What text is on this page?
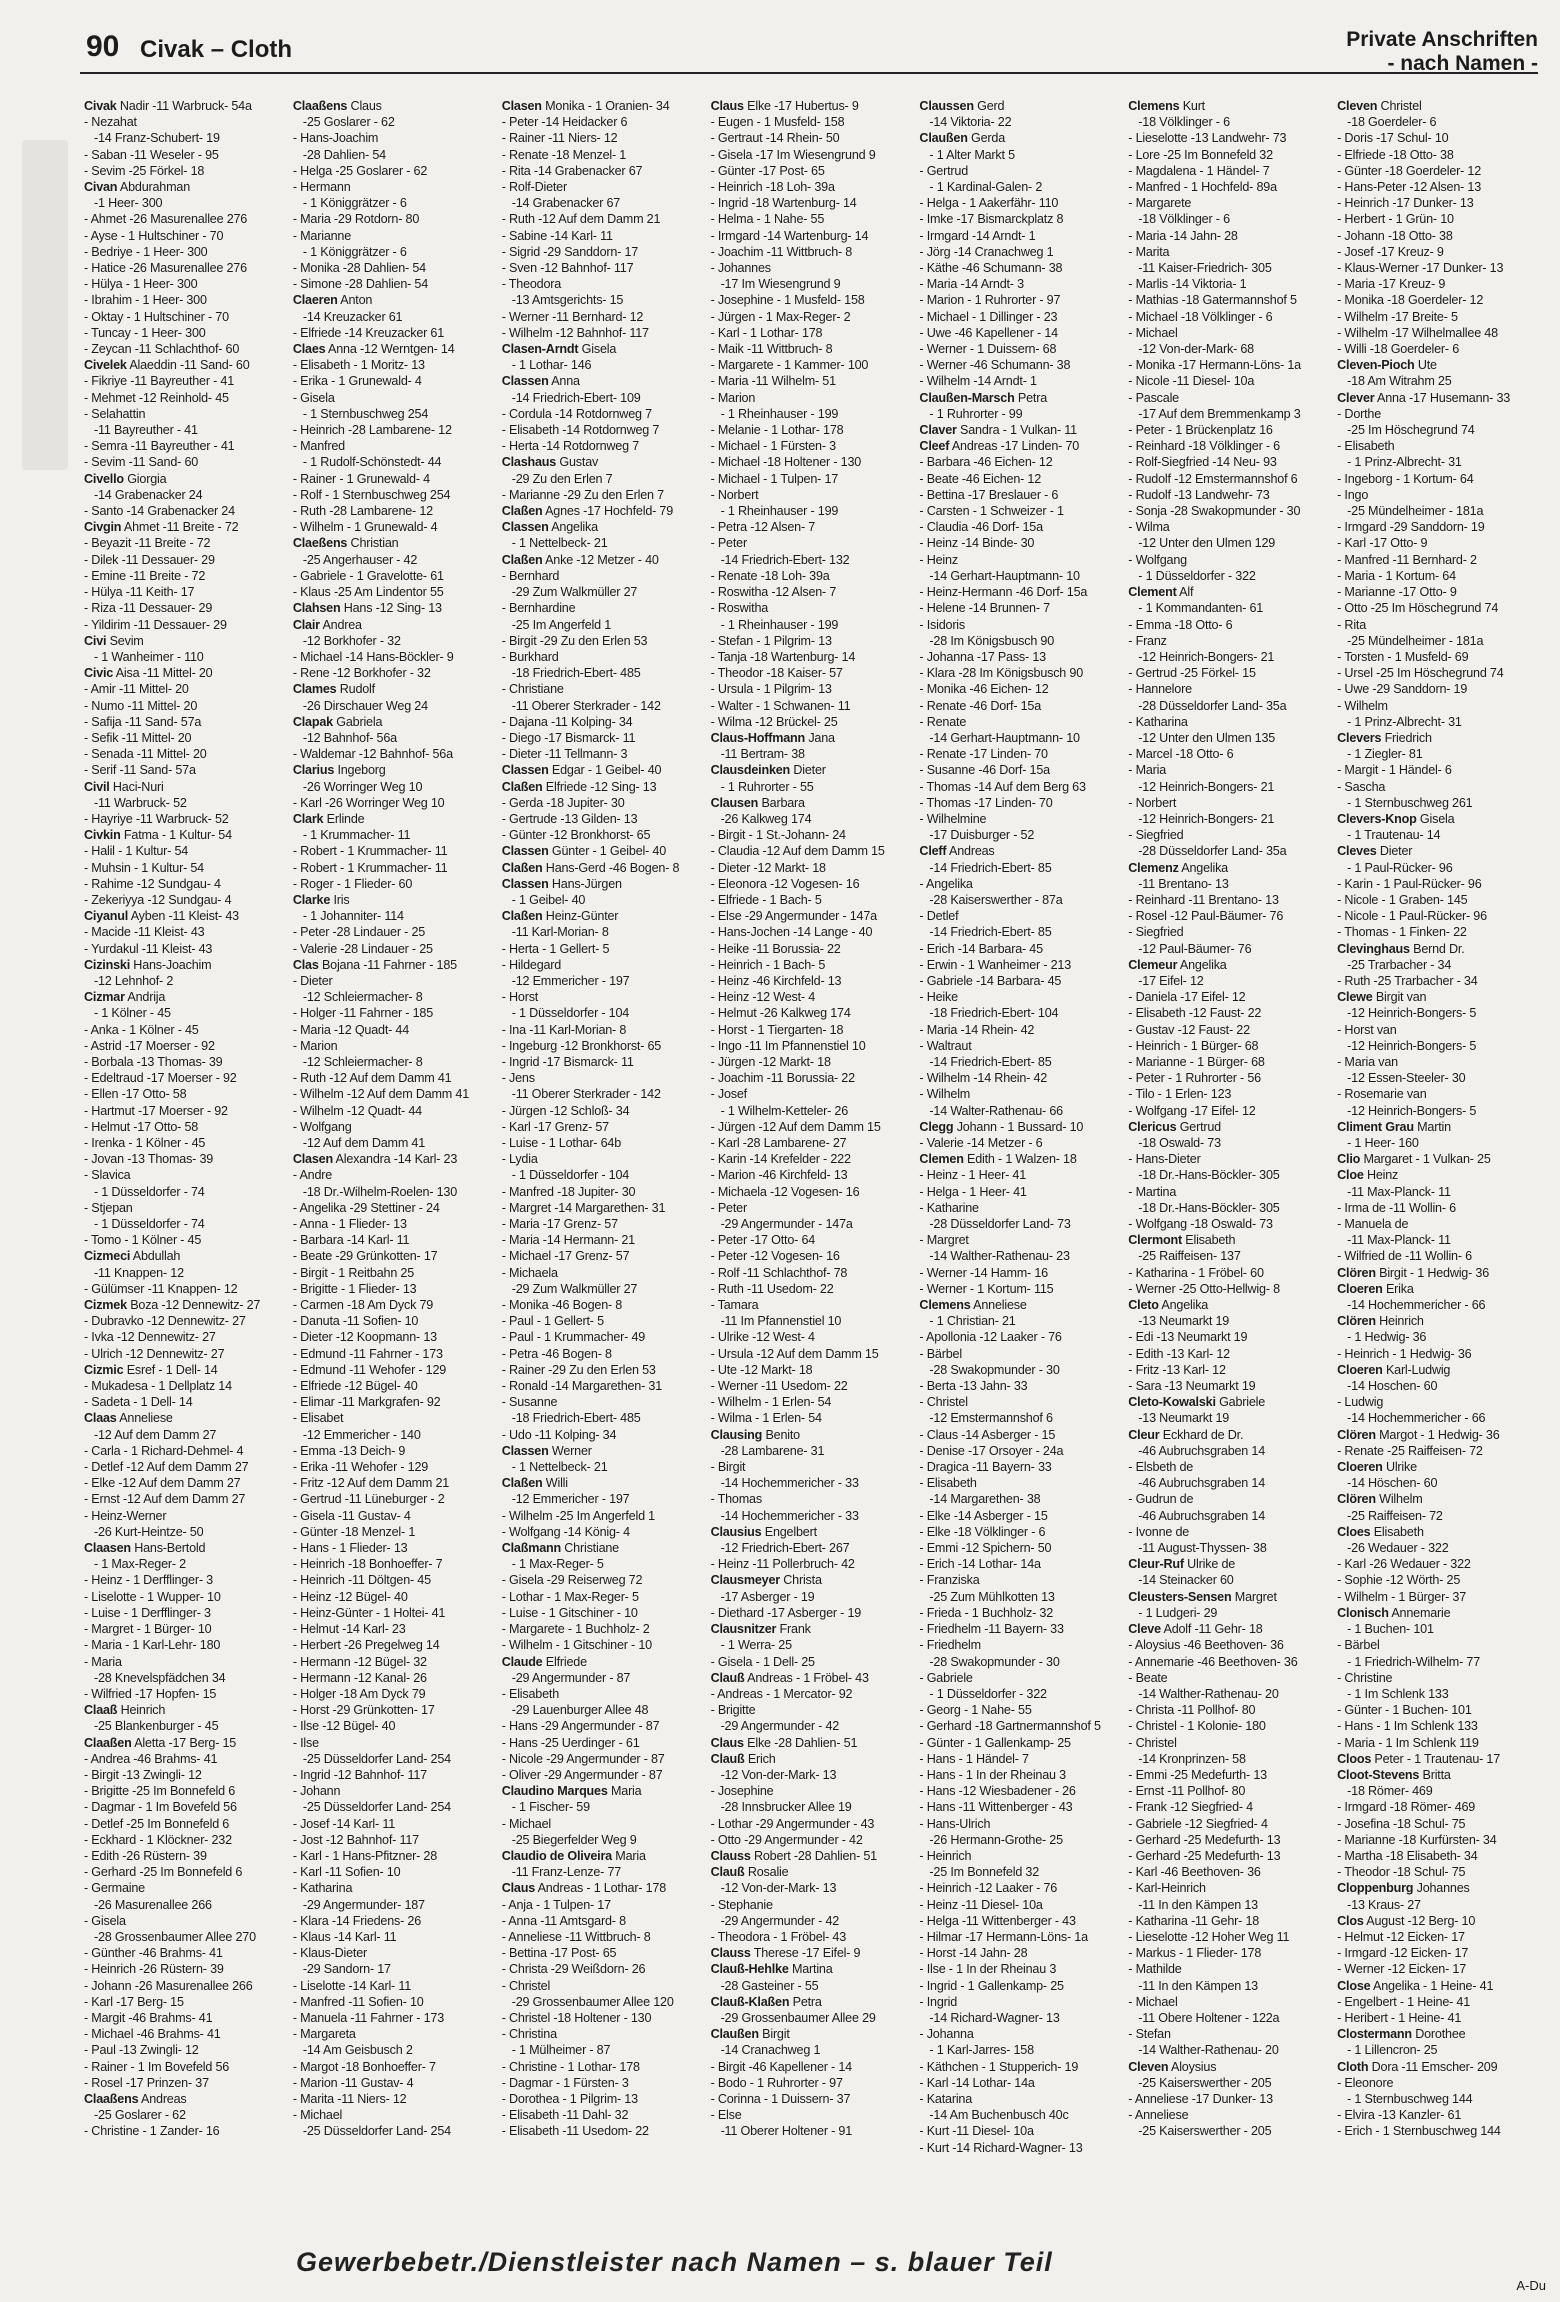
90 Civak – Cloth	Private Anschriften
- nach Namen -
Civak Nadir -11 Warbruck- 54a
- Nezahat
-14 Franz-Schubert- 19
- Saban -11 Weseler - 95
- Sevim -25 Förkel- 18
Civan Abdurahman
-1 Heer- 300
- Ahmet -26 Masurenallee 276
- Ayse - 1 Hultschiner - 70
- Bedriye - 1 Heer- 300
- Hatice -26 Masurenallee 276
- Hülya - 1 Heer- 300
- Ibrahim - 1 Heer- 300
- Oktay - 1 Hultschiner - 70
- Tuncay - 1 Heer- 300
- Zeycan -11 Schlachthof- 60
Civelek Alaeddin -11 Sand- 60
- Fikriye -11 Bayreuther - 41
- Mehmet -12 Reinhold- 45
- Selahattin
-11 Bayreuther - 41
- Semra -11 Bayreuther - 41
- Sevim -11 Sand- 60
Civello Giorgia
-14 Grabenacker 24
- Santo -14 Grabenacker 24
Civgin Ahmet -11 Breite - 72
- Beyazit -11 Breite - 72
- Dilek -11 Dessauer- 29
- Emine -11 Breite - 72
- Hülya -11 Keith- 17
- Riza -11 Dessauer- 29
- Yildirim -11 Dessauer- 29
Civi Sevim
- 1 Wanheimer - 110
Civic Aisa -11 Mittel- 20
- Amir -11 Mittel- 20
- Numo -11 Mittel- 20
- Safija -11 Sand- 57a
- Sefik -11 Mittel- 20
- Senada -11 Mittel- 20
- Serif -11 Sand- 57a
Civil Haci-Nuri
-11 Warbruck- 52
- Hayriye -11 Warbruck- 52
Civkin Fatma - 1 Kultur- 54
- Halil - 1 Kultur- 54
- Muhsin - 1 Kultur- 54
- Rahime -12 Sundgau- 4
- Zekeriyya -12 Sundgau- 4
Ciyanul Ayben -11 Kleist- 43
- Macide -11 Kleist- 43
- Yurdakul -11 Kleist- 43
Cizinski Hans-Joachim
-12 Lehnhof- 2
Cizmar Andrija
- 1 Kölner - 45
- Anka - 1 Kölner - 45
- Astrid -17 Moerser - 92
- Borbala -13 Thomas- 39
- Edeltraud -17 Moerser - 92
- Ellen -17 Otto- 58
- Hartmut -17 Moerser - 92
- Helmut -17 Otto- 58
- Irenka - 1 Kölner - 45
- Jovan -13 Thomas- 39
- Slavica
- 1 Düsseldorfer - 74
- Stjepan
- 1 Düsseldorfer - 74
- Tomo - 1 Kölner - 45
Cizmeci Abdullah
-11 Knappen- 12
- Gülümser -11 Knappen- 12
Cizmek Boza -12 Dennewitz- 27
- Dubravko -12 Dennewitz- 27
- Ivka -12 Dennewitz- 27
- Ulrich -12 Dennewitz- 27
Cizmic Esref - 1 Dell- 14
- Mukadesa - 1 Dellplatz 14
- Sadeta - 1 Dell- 14
Claas Anneliese
-12 Auf dem Damm 27
- Carla - 1 Richard-Dehmel- 4
- Detlef -12 Auf dem Damm 27
- Elke -12 Auf dem Damm 27
- Ernst -12 Auf dem Damm 27
- Heinz-Werner
-26 Kurt-Heintze- 50
Claasen Hans-Bertold
- 1 Max-Reger- 2
- Heinz - 1 Derfflinger- 3
- Liselotte - 1 Wupper- 10
- Luise - 1 Derfflinger- 3
- Margret - 1 Bürger- 10
- Maria - 1 Karl-Lehr- 180
- Maria
-28 Knevelspfädchen 34
- Wilfried -17 Hopfen- 15
Claaß Heinrich
-25 Blankenburger - 45
Claaßen Aletta -17 Berg- 15
- Andrea -46 Brahms- 41
- Birgit -13 Zwingli- 12
- Brigitte -25 Im Bonnefeld 6
- Dagmar - 1 Im Bovefeld 56
- Detlef -25 Im Bonnefeld 6
- Eckhard - 1 Klöckner- 232
- Edith -26 Rüstern- 39
- Gerhard -25 Im Bonnefeld 6
- Germaine
-26 Masurenallee 266
- Gisela
-28 Grossenbaumer Allee 270
- Günther -46 Brahms- 41
- Heinrich -26 Rüstern- 39
- Johann -26 Masurenallee 266
- Karl -17 Berg- 15
- Margit -46 Brahms- 41
- Michael -46 Brahms- 41
- Paul -13 Zwingli- 12
- Rainer - 1 Im Bovefeld 56
- Rosel -17 Prinzen- 37
Claaßens Andreas
-25 Goslarer - 62
- Christine - 1 Zander- 16
Claaßens Claus
-25 Goslarer - 62
- Hans-Joachim
-28 Dahlien- 54
- Helga -25 Goslarer - 62
- Hermann
- 1 Königgrätzer - 6
- Maria -29 Rotdorn- 80
- Marianne
- 1 Königgrätzer - 6
- Monika -28 Dahlien- 54
- Simone -28 Dahlien- 54
Claeren Anton
-14 Kreuzacker 61
- Elfriede -14 Kreuzacker 61
Claes Anna -12 Werntgen- 14
- Elisabeth - 1 Moritz- 13
- Erika - 1 Grunewald- 4
- Gisela
- 1 Sternbuschweg 254
- Heinrich -28 Lambarene- 12
- Manfred
- 1 Rudolf-Schönstedt- 44
- Rainer - 1 Grunewald- 4
- Rolf - 1 Sternbuschweg 254
- Ruth -28 Lambarene- 12
- Wilhelm - 1 Grunewald- 4
Claeßens Christian
-25 Angerhauser - 42
- Gabriele - 1 Gravelotte- 61
- Klaus -25 Am Lindentor 55
Clahsen Hans -12 Sing- 13
Clair Andrea
-12 Borkhofer - 32
- Michael -14 Hans-Böckler- 9
- Rene -12 Borkhofer - 32
Clames Rudolf
-26 Dirschauer Weg 24
Clapak Gabriela
-12 Bahnhof- 56a
- Waldemar -12 Bahnhof- 56a
Clarius Ingeborg
-26 Worringer Weg 10
- Karl -26 Worringer Weg 10
Clark Erlinde
- 1 Krummacher- 11
- Robert - 1 Krummacher- 11
- Robert - 1 Krummacher- 11
- Roger - 1 Flieder- 60
Clarke Iris
- 1 Johanniter- 114
- Peter -28 Lindauer - 25
- Valerie -28 Lindauer - 25
Clas Bojana -11 Fahrner - 185
- Dieter
-12 Schleiermacher- 8
- Holger -11 Fahrner - 185
- Maria -12 Quadt- 44
- Marion
-12 Schleiermacher- 8
- Ruth -12 Auf dem Damm 41
- Wilhelm -12 Auf dem Damm 41
- Wilhelm -12 Quadt- 44
- Wolfgang
-12 Auf dem Damm 41
Clasen Alexandra -14 Karl- 23
- Andre
-18 Dr.-Wilhelm-Roelen- 130
- Angelika -29 Stettiner - 24
- Anna - 1 Flieder- 13
- Barbara -14 Karl- 11
- Beate -29 Grünkotten- 17
- Birgit - 1 Reitbahn 25
- Brigitte - 1 Flieder- 13
- Carmen -18 Am Dyck 79
- Danuta -11 Sofien- 10
- Dieter -12 Koopmann- 13
- Edmund -11 Fahrner - 173
- Edmund -11 Wehofer - 129
- Elfriede -12 Bügel- 40
- Elimar -11 Markgrafen- 92
- Elisabet
-12 Emmericher - 140
- Emma -13 Deich- 9
- Erika -11 Wehofer - 129
- Fritz -12 Auf dem Damm 21
- Gertrud -11 Lüneburger - 2
- Gisela -11 Gustav- 4
- Günter -18 Menzel- 1
- Hans - 1 Flieder- 13
- Heinrich -18 Bonhoeffer- 7
- Heinrich -11 Döltgen- 45
- Heinz -12 Bügel- 40
- Heinz-Günter - 1 Holtei- 41
- Helmut -14 Karl- 23
- Herbert -26 Pregelweg 14
- Hermann -12 Bügel- 32
- Hermann -12 Kanal- 26
- Holger -18 Am Dyck 79
- Horst -29 Grünkotten- 17
- Ilse -12 Bügel- 40
- Ilse
-25 Düsseldorfer Land- 254
- Ingrid -12 Bahnhof- 117
- Johann
-25 Düsseldorfer Land- 254
- Josef -14 Karl- 11
- Jost -12 Bahnhof- 117
- Karl - 1 Hans-Pfitzner- 28
- Karl -11 Sofien- 10
- Katharina
-29 Angermunder- 187
- Klara -14 Friedens- 26
- Klaus -14 Karl- 11
- Klaus-Dieter
-29 Sandorn- 17
- Liselotte -14 Karl- 11
- Manfred -11 Sofien- 10
- Manuela -11 Fahrner - 173
- Margareta
-14 Am Geisbusch 2
- Margot -18 Bonhoeffer- 7
- Marion -11 Gustav- 4
- Marita -11 Niers- 12
- Michael
-25 Düsseldorfer Land- 254
Clasen Monika - 1 Oranien- 34
- Peter -14 Heidacker 6
- Rainer -11 Niers- 12
- Renate -18 Menzel- 1
- Rita -14 Grabenacker 67
- Rolf-Dieter
-14 Grabenacker 67
- Ruth -12 Auf dem Damm 21
- Sabine -14 Karl- 11
- Sigrid -29 Sanddorn- 17
- Sven -12 Bahnhof- 117
- Theodora
-13 Amtsgerichts- 15
- Werner -11 Bernhard- 12
- Wilhelm -12 Bahnhof- 117
Clasen-Arndt Gisela
- 1 Lothar- 146
Classen Anna
-14 Friedrich-Ebert- 109
- Cordula -14 Rotdornweg 7
- Elisabeth -14 Rotdornweg 7
- Herta -14 Rotdornweg 7
Clashaus Gustav
-29 Zu den Erlen 7
- Marianne -29 Zu den Erlen 7
Claßen Agnes -17 Hochfeld- 79
Classen Angelika
- 1 Nettelbeck- 21
Claßen Anke -12 Metzer - 40
- Bernhard
-29 Zum Walkmüller 27
- Bernhardine
-25 Im Angerfeld 1
- Birgit -29 Zu den Erlen 53
- Burkhard
-18 Friedrich-Ebert- 485
- Christiane
-11 Oberer Sterkrader - 142
- Dajana -11 Kolping- 34
- Diego -17 Bismarck- 11
- Dieter -11 Tellmann- 3
Classen Edgar - 1 Geibel- 40
Claßen Elfriede -12 Sing- 13
- Gerda -18 Jupiter- 30
- Gertrude -13 Gilden- 13
- Günter -12 Bronkhorst- 65
Classen Günter - 1 Geibel- 40
Claßen Hans-Gerd -46 Bogen- 8
Classen Hans-Jürgen
- 1 Geibel- 40
Claßen Heinz-Günter
-11 Karl-Morian- 8
- Herta - 1 Gellert- 5
- Hildegard
-12 Emmericher - 197
- Horst
- 1 Düsseldorfer - 104
- Ina -11 Karl-Morian- 8
- Ingeburg -12 Bronkhorst- 65
- Ingrid -17 Bismarck- 11
- Jens
-11 Oberer Sterkrader - 142
- Jürgen -12 Schloß- 34
- Karl -17 Grenz- 57
- Luise - 1 Lothar- 64b
- Lydia
- 1 Düsseldorfer - 104
- Manfred -18 Jupiter- 30
- Margret -14 Margarethen- 31
- Maria -17 Grenz- 57
- Maria -14 Hermann- 21
- Michael -17 Grenz- 57
- Michaela
-29 Zum Walkmüller 27
- Monika -46 Bogen- 8
- Paul - 1 Gellert- 5
- Paul - 1 Krummacher- 49
- Petra -46 Bogen- 8
- Rainer -29 Zu den Erlen 53
- Ronald -14 Margarethen- 31
- Susanne
-18 Friedrich-Ebert- 485
- Udo -11 Kolping- 34
Classen Werner
- 1 Nettelbeck- 21
Claßen Willi
-12 Emmericher - 197
- Wilhelm -25 Im Angerfeld 1
- Wolfgang -14 König- 4
Claßmann Christiane
- 1 Max-Reger- 5
- Gisela -29 Reiserweg 72
- Lothar - 1 Max-Reger- 5
- Luise - 1 Gitschiner - 10
- Margarete - 1 Buchholz- 2
- Wilhelm - 1 Gitschiner - 10
Claude Elfriede
-29 Angermunder - 87
- Elisabeth
-29 Lauenburger Allee 48
- Hans -29 Angermunder - 87
- Hans -25 Uerdinger - 61
- Nicole -29 Angermunder - 87
- Oliver -29 Angermunder - 87
Claudino Marques Maria
- 1 Fischer- 59
- Michael
-25 Biegerfelder Weg 9
Claudio de Oliveira Maria
-11 Franz-Lenze- 77
Claus Andreas - 1 Lothar- 178
- Anja - 1 Tulpen- 17
- Anna -11 Amtsgard- 8
- Anneliese -11 Wittbruch- 8
- Bettina -17 Post- 65
- Christa -29 Weißdorn- 26
- Christel
-29 Grossenbaumer Allee 120
- Christel -18 Holtener - 130
- Christina
- 1 Mülheimer - 87
- Christine - 1 Lothar- 178
- Dagmar - 1 Fürsten- 3
- Dorothea - 1 Pilgrim- 13
- Elisabeth -11 Dahl- 32
- Elisabeth -11 Usedom- 22
Claus Elke -17 Hubertus- 9
- Eugen - 1 Musfeld- 158
- Gertraut -14 Rhein- 50
- Gisela -17 Im Wiesengrund 9
- Günter -17 Post- 65
- Heinrich -18 Loh- 39a
- Ingrid -18 Wartenburg- 14
- Helma - 1 Nahe- 55
- Irmgard -14 Wartenburg- 14
- Joachim -11 Wittbruch- 8
- Johannes
-17 Im Wiesengrund 9
- Josephine - 1 Musfeld- 158
- Jürgen - 1 Max-Reger- 2
- Karl - 1 Lothar- 178
- Maik -11 Wittbruch- 8
- Margarete - 1 Kammer- 100
- Maria -11 Wilhelm- 51
- Marion
- 1 Rheinhauser - 199
- Melanie - 1 Lothar- 178
- Michael - 1 Fürsten- 3
- Michael -18 Holtener - 130
- Michael - 1 Tulpen- 17
- Norbert
- 1 Rheinhauser - 199
- Petra -12 Alsen- 7
- Peter
-14 Friedrich-Ebert- 132
- Renate -18 Loh- 39a
- Roswitha -12 Alsen- 7
- Roswitha
- 1 Rheinhauser - 199
- Stefan - 1 Pilgrim- 13
- Tanja -18 Wartenburg- 14
- Theodor -18 Kaiser- 57
- Ursula - 1 Pilgrim- 13
- Walter - 1 Schwanen- 11
- Wilma -12 Brückel- 25
Claus-Hoffmann Jana
-11 Bertram- 38
Clausdeinken Dieter
- 1 Ruhrorter - 55
Clausen Barbara
-26 Kalkweg 174
- Birgit - 1 St.-Johann- 24
- Claudia -12 Auf dem Damm 15
- Dieter -12 Markt- 18
- Eleonora -12 Vogesen- 16
- Elfriede - 1 Bach- 5
- Else -29 Angermunder - 147a
- Hans-Jochen -14 Lange - 40
- Heike -11 Borussia- 22
- Heinrich - 1 Bach- 5
- Heinz -46 Kirchfeld- 13
- Heinz -12 West- 4
- Helmut -26 Kalkweg 174
- Horst - 1 Tiergarten- 18
- Ingo -11 Im Pfannenstiel 10
- Jürgen -12 Markt- 18
- Joachim -11 Borussia- 22
- Josef
- 1 Wilhelm-Ketteler- 26
- Jürgen -12 Auf dem Damm 15
- Karl -28 Lambarene- 27
- Karin -14 Krefelder - 222
- Marion -46 Kirchfeld- 13
- Michaela -12 Vogesen- 16
- Peter
-29 Angermunder - 147a
- Peter -17 Otto- 64
- Peter -12 Vogesen- 16
- Rolf -11 Schlachthof- 78
- Ruth -11 Usedom- 22
- Tamara
-11 Im Pfannenstiel 10
- Ulrike -12 West- 4
- Ursula -12 Auf dem Damm 15
- Ute -12 Markt- 18
- Werner -11 Usedom- 22
- Wilhelm - 1 Erlen- 54
- Wilma - 1 Erlen- 54
Clausing Benito
-28 Lambarene- 31
- Birgit
-14 Hochemmericher - 33
- Thomas
-14 Hochemmericher - 33
Clausius Engelbert
-12 Friedrich-Ebert- 267
- Heinz -11 Pollerbruch- 42
Clausmeyer Christa
-17 Asberger - 19
- Diethard -17 Asberger - 19
Clausnitzer Frank
- 1 Werra- 25
- Gisela - 1 Dell- 25
Clauß Andreas - 1 Fröbel- 43
- Andreas - 1 Mercator- 92
- Brigitte
-29 Angermunder - 42
Claus Elke -28 Dahlien- 51
Clauß Erich
-12 Von-der-Mark- 13
- Josephine
-28 Innsbrucker Allee 19
- Lothar -29 Angermunder - 43
- Otto -29 Angermunder - 42
Clauss Robert -28 Dahlien- 51
Clauß Rosalie
-12 Von-der-Mark- 13
- Stephanie
-29 Angermunder - 42
- Theodora - 1 Fröbel- 43
Clauss Therese -17 Eifel- 9
Clauß-Hehlke Martina
-28 Gasteiner - 55
Clauß-Klaßen Petra
-29 Grossenbaumer Allee 29
Claußen Birgit
-14 Cranachweg 1
- Birgit -46 Kapellener - 14
- Bodo - 1 Ruhrorter - 97
- Corinna - 1 Duissern- 37
- Else
-11 Oberer Holtener - 91
Claussen Gerd
-14 Viktoria- 22
Claußen Gerda
- 1 Alter Markt 5
- Gertrud
- 1 Kardinal-Galen- 2
- Helga - 1 Aakerfähr- 110
- Imke -17 Bismarckplatz 8
- Irmgard -14 Arndt- 1
- Jörg -14 Cranachweg 1
- Käthe -46 Schumann- 38
- Maria -14 Arndt- 3
- Marion - 1 Ruhrorter - 97
- Michael - 1 Dillinger - 23
- Uwe -46 Kapellener - 14
- Werner - 1 Duissern- 68
- Werner -46 Schumann- 38
- Wilhelm -14 Arndt- 1
Claußen-Marsch Petra
- 1 Ruhrorter - 99
Claver Sandra - 1 Vulkan- 11
Cleef Andreas -17 Linden- 70
- Barbara -46 Eichen- 12
- Beate -46 Eichen- 12
- Bettina -17 Breslauer - 6
- Carsten - 1 Schweizer - 1
- Claudia -46 Dorf- 15a
- Heinz -14 Binde- 30
- Heinz
-14 Gerhart-Hauptmann- 10
- Heinz-Hermann -46 Dorf- 15a
- Helene -14 Brunnen- 7
- Isidoris
-28 Im Königsbusch 90
- Johanna -17 Pass- 13
- Klara -28 Im Königsbusch 90
- Monika -46 Eichen- 12
- Renate -46 Dorf- 15a
- Renate
-14 Gerhart-Hauptmann- 10
- Renate -17 Linden- 70
- Susanne -46 Dorf- 15a
- Thomas -14 Auf dem Berg 63
- Thomas -17 Linden- 70
- Wilhelmine
-17 Duisburger - 52
Cleff Andreas
-14 Friedrich-Ebert- 85
- Angelika
-28 Kaiserswerther - 87a
- Detlef
-14 Friedrich-Ebert- 85
- Erich -14 Barbara- 45
- Erwin - 1 Wanheimer - 213
- Gabriele -14 Barbara- 45
- Heike
-18 Friedrich-Ebert- 104
- Maria -14 Rhein- 42
- Waltraut
-14 Friedrich-Ebert- 85
- Wilhelm -14 Rhein- 42
- Wilhelm
-14 Walter-Rathenau- 66
Clegg Johann - 1 Bussard- 10
- Valerie -14 Metzer - 6
Clemen Edith - 1 Walzen- 18
- Heinz - 1 Heer- 41
- Helga - 1 Heer- 41
- Katharine
-28 Düsseldorfer Land- 73
- Margret
-14 Walther-Rathenau- 23
- Werner -14 Hamm- 16
- Werner - 1 Kortum- 115
Clemens Anneliese
- 1 Christian- 21
- Apollonia -12 Laaker - 76
- Bärbel
-28 Swakopmunder - 30
- Berta -13 Jahn- 33
- Christel
-12 Emstermannshof 6
- Claus -14 Asberger - 15
- Denise -17 Orsoyer - 24a
- Dragica -11 Bayern- 33
- Elisabeth
-14 Margarethen- 38
- Elke -14 Asberger - 15
- Elke -18 Völklinger - 6
- Emmi -12 Spichern- 50
- Erich -14 Lothar- 14a
- Franziska
-25 Zum Mühlkotten 13
- Frieda - 1 Buchholz- 32
- Friedhelm -11 Bayern- 33
- Friedhelm
-28 Swakopmunder - 30
- Gabriele
- 1 Düsseldorfer - 322
- Georg - 1 Nahe- 55
- Gerhard -18 Gartnermannshof 5
- Günter - 1 Gallenkamp- 25
- Hans - 1 Händel- 7
- Hans - 1 In der Rheinau 3
- Hans -12 Wiesbadener - 26
- Hans -11 Wittenberger - 43
- Hans-Ulrich
-26 Hermann-Grothe- 25
- Heinrich
-25 Im Bonnefeld 32
- Heinrich -12 Laaker - 76
- Heinz -11 Diesel- 10a
- Helga -11 Wittenberger - 43
- Hilmar -17 Hermann-Löns- 1a
- Horst -14 Jahn- 28
- Ilse - 1 In der Rheinau 3
- Ingrid - 1 Gallenkamp- 25
- Ingrid
-14 Richard-Wagner- 13
- Johanna
- 1 Karl-Jarres- 158
- Käthchen - 1 Stupperich- 19
- Karl -14 Lothar- 14a
- Katarina
-14 Am Buchenbusch 40c
- Kurt -11 Diesel- 10a
- Kurt -14 Richard-Wagner- 13
Clemens Kurt
-18 Völklinger - 6
- Lieselotte -13 Landwehr- 73
- Lore -25 Im Bonnefeld 32
- Magdalena - 1 Händel- 7
- Manfred - 1 Hochfeld- 89a
- Margarete
-18 Völklinger - 6
- Maria -14 Jahn- 28
- Marita
-11 Kaiser-Friedrich- 305
- Marlis -14 Viktoria- 1
- Mathias -18 Gatermannshof 5
- Michael -18 Völklinger - 6
- Michael
-12 Von-der-Mark- 68
- Monika -17 Hermann-Löns- 1a
- Nicole -11 Diesel- 10a
- Pascale
-17 Auf dem Bremmenkamp 3
- Peter - 1 Brückenplatz 16
- Reinhard -18 Völklinger - 6
- Rolf-Siegfried -14 Neu- 93
- Rudolf -12 Emstermannshof 6
- Rudolf -13 Landwehr- 73
- Sonja -28 Swakopmunder - 30
- Wilma
-12 Unter den Ulmen 129
- Wolfgang
- 1 Düsseldorfer - 322
Clement Alf
- 1 Kommandanten- 61
- Emma -18 Otto- 6
- Franz
-12 Heinrich-Bongers- 21
- Gertrud -25 Förkel- 15
- Hannelore
-28 Düsseldorfer Land- 35a
- Katharina
-12 Unter den Ulmen 135
- Marcel -18 Otto- 6
- Maria
-12 Heinrich-Bongers- 21
- Norbert
-12 Heinrich-Bongers- 21
- Siegfried
-28 Düsseldorfer Land- 35a
Clemenz Angelika
-11 Brentano- 13
- Reinhard -11 Brentano- 13
- Rosel -12 Paul-Bäumer- 76
- Siegfried
-12 Paul-Bäumer- 76
Clemeur Angelika
-17 Eifel- 12
- Daniela -17 Eifel- 12
- Elisabeth -12 Faust- 22
- Gustav -12 Faust- 22
- Heinrich - 1 Bürger- 68
- Marianne - 1 Bürger- 68
- Peter - 1 Ruhrorter - 56
- Tilo - 1 Erlen- 123
- Wolfgang -17 Eifel- 12
Clericus Gertrud
-18 Oswald- 73
- Hans-Dieter
-18 Dr.-Hans-Böckler- 305
- Martina
-18 Dr.-Hans-Böckler- 305
- Wolfgang -18 Oswald- 73
Clermont Elisabeth
-25 Raiffeisen- 137
- Katharina - 1 Fröbel- 60
- Werner -25 Otto-Hellwig- 8
Cleto Angelika
-13 Neumarkt 19
- Edi -13 Neumarkt 19
- Edith -13 Karl- 12
- Fritz -13 Karl- 12
- Sara -13 Neumarkt 19
Cleto-Kowalski Gabriele
-13 Neumarkt 19
Cleur Eckhard de Dr.
-46 Aubruchsgraben 14
- Elsbeth de
-46 Aubruchsgraben 14
- Gudrun de
-46 Aubruchsgraben 14
- Ivonne de
-11 August-Thyssen- 38
Cleur-Ruf Ulrike de
-14 Steinacker 60
Cleusters-Sensen Margret
- 1 Ludgeri- 29
Cleve Adolf -11 Gehr- 18
- Aloysius -46 Beethoven- 36
- Annemarie -46 Beethoven- 36
- Beate
-14 Walther-Rathenau- 20
- Christa -11 Pollhof- 80
- Christel - 1 Kolonie- 180
- Christel
-14 Kronprinzen- 58
- Emmi -25 Medefurth- 13
- Ernst -11 Pollhof- 80
- Frank -12 Siegfried- 4
- Gabriele -12 Siegfried- 4
- Gerhard -25 Medefurth- 13
- Gerhard -25 Medefurth- 13
- Karl -46 Beethoven- 36
- Karl-Heinrich
-11 In den Kämpen 13
- Katharina -11 Gehr- 18
- Lieselotte -12 Hoher Weg 11
- Markus - 1 Flieder- 178
- Mathilde
-11 In den Kämpen 13
- Michael
-11 Obere Holtener - 122a
- Stefan
-14 Walther-Rathenau- 20
Cleven Aloysius
-25 Kaiserswerther - 205
- Anneliese -17 Dunker- 13
- Anneliese
-25 Kaiserswerther - 205
Cleven Christel
-18 Goerdeler- 6
- Doris -17 Schul- 10
- Elfriede -18 Otto- 38
- Günter -18 Goerdeler- 12
- Hans-Peter -12 Alsen- 13
- Heinrich -17 Dunker- 13
- Herbert - 1 Grün- 10
- Johann -18 Otto- 38
- Josef -17 Kreuz- 9
- Klaus-Werner -17 Dunker- 13
- Maria -17 Kreuz- 9
- Monika -18 Goerdeler- 12
- Wilhelm -17 Breite- 5
- Wilhelm -17 Wilhelmallee 48
- Willi -18 Goerdeler- 6
Cleven-Pioch Ute
-18 Am Witrahm 25
Clever Anna -17 Husemann- 33
- Dorthe
-25 Im Höschegrund 74
- Elisabeth
- 1 Prinz-Albrecht- 31
- Ingeborg - 1 Kortum- 64
- Ingo
-25 Mündelheimer - 181a
- Irmgard -29 Sanddorn- 19
- Karl -17 Otto- 9
- Manfred -11 Bernhard- 2
- Maria - 1 Kortum- 64
- Marianne -17 Otto- 9
- Otto -25 Im Höschegrund 74
- Rita
-25 Mündelheimer - 181a
- Torsten - 1 Musfeld- 69
- Ursel -25 Im Höschegrund 74
- Uwe -29 Sanddorn- 19
- Wilhelm
- 1 Prinz-Albrecht- 31
Clevers Friedrich
- 1 Ziegler- 81
- Margit - 1 Händel- 6
- Sascha
- 1 Sternbuschweg 261
Clevers-Knop Gisela
- 1 Trautenau- 14
Cleves Dieter
- 1 Paul-Rücker- 96
- Karin - 1 Paul-Rücker- 96
- Nicole - 1 Graben- 145
- Nicole - 1 Paul-Rücker- 96
- Thomas - 1 Finken- 22
Clevinghaus Bernd Dr.
-25 Trarbacher - 34
- Ruth -25 Trarbacher - 34
Clewe Birgit van
-12 Heinrich-Bongers- 5
- Horst van
-12 Heinrich-Bongers- 5
- Maria van
-12 Essen-Steeler- 30
- Rosemarie van
-12 Heinrich-Bongers- 5
Climent Grau Martin
- 1 Heer- 160
Clio Margaret - 1 Vulkan- 25
Cloe Heinz
-11 Max-Planck- 11
- Irma de -11 Wollin- 6
- Manuela de
-11 Max-Planck- 11
- Wilfried de -11 Wollin- 6
Clören Birgit - 1 Hedwig- 36
Cloeren Erika
-14 Hochemmericher - 66
Clören Heinrich
- 1 Hedwig- 36
- Heinrich - 1 Hedwig- 36
Cloeren Karl-Ludwig
-14 Hoschen- 60
- Ludwig
-14 Hochemmericher - 66
Clören Margot - 1 Hedwig- 36
- Renate -25 Raiffeisen- 72
Cloeren Ulrike
-14 Höschen- 60
Clören Wilhelm
-25 Raiffeisen- 72
Cloes Elisabeth
-26 Wedauer - 322
- Karl -26 Wedauer - 322
- Sophie -12 Wörth- 25
- Wilhelm - 1 Bürger- 37
Clonisch Annemarie
- 1 Buchen- 101
- Bärbel
- 1 Friedrich-Wilhelm- 77
- Christine
- 1 Im Schlenk 133
- Günter - 1 Buchen- 101
- Hans - 1 Im Schlenk 133
- Maria - 1 Im Schlenk 119
Cloos Peter - 1 Trautenau- 17
Cloot-Stevens Britta
-18 Römer- 469
- Irmgard -18 Römer- 469
- Josefina -18 Schul- 75
- Marianne -18 Kurfürsten- 34
- Martha -18 Elisabeth- 34
- Theodor -18 Schul- 75
Cloppenburg Johannes
-13 Kraus- 27
Clos August -12 Berg- 10
- Helmut -12 Eicken- 17
- Irmgard -12 Eicken- 17
- Werner -12 Eicken- 17
Close Angelika - 1 Heine- 41
- Engelbert - 1 Heine- 41
- Heribert - 1 Heine- 41
Clostermann Dorothee
- 1 Lillencron- 25
Cloth Dora -11 Emscher- 209
- Eleonore
- 1 Sternbuschweg 144
- Elvira -13 Kanzler- 61
- Erich - 1 Sternbuschweg 144
Gewerbebetr./Dienstleister nach Namen – s. blauer Teil
A-Du
